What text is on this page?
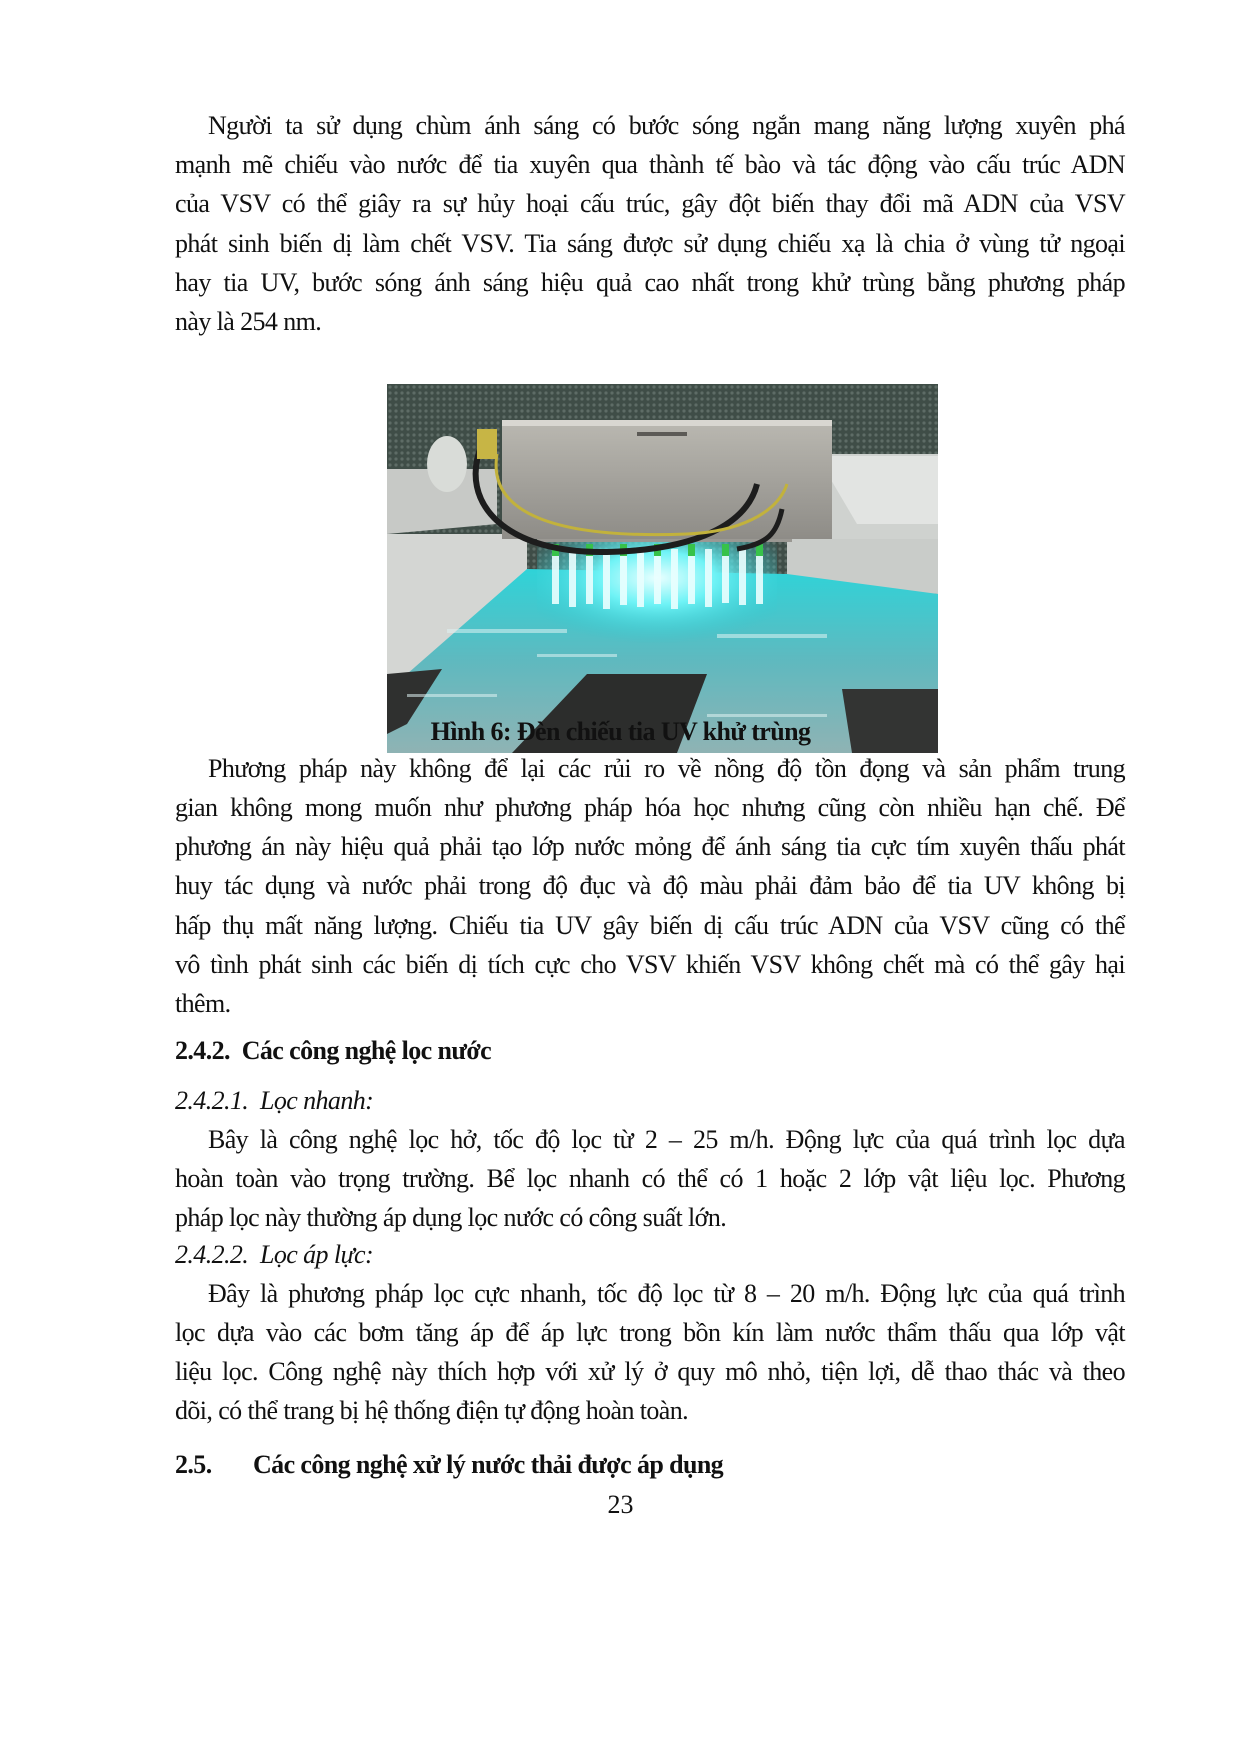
Người ta sử dụng chùm ánh sáng có bước sóng ngắn mang năng lượng xuyên phá
mạnh mẽ chiếu vào nước để tia xuyên qua thành tế bào và tác động vào cấu trúc ADN
của VSV có thể giây ra sự hủy hoại cấu trúc, gây đột biến thay đổi mã ADN của VSV
phát sinh biến dị làm chết VSV. Tia sáng được sử dụng chiếu xạ là chia ở vùng tử ngoại
hay tia UV, bước sóng ánh sáng hiệu quả cao nhất trong khử trùng bằng phương pháp
này là 254 nm.
Hình 6: Đèn chiếu tia UV khử trùng
Phương pháp này không để lại các rủi ro về nồng độ tồn đọng và sản phẩm trung
gian không mong muốn như phương pháp hóa học nhưng cũng còn nhiều hạn chế. Để
phương án này hiệu quả phải tạo lớp nước mỏng để ánh sáng tia cực tím xuyên thấu phát
huy tác dụng và nước phải trong độ đục và độ màu phải đảm bảo để tia UV không bị
hấp thụ mất năng lượng. Chiếu tia UV gây biến dị cấu trúc ADN của VSV cũng có thể
vô tình phát sinh các biến dị tích cực cho VSV khiến VSV không chết mà có thể gây hại
thêm.
2.4.2. Các công nghệ lọc nước
2.4.2.1. Lọc nhanh:
Bây là công nghệ lọc hở, tốc độ lọc từ 2 – 25 m/h. Động lực của quá trình lọc dựa
hoàn toàn vào trọng trường. Bể lọc nhanh có thể có 1 hoặc 2 lớp vật liệu lọc. Phương
pháp lọc này thường áp dụng lọc nước có công suất lớn.
2.4.2.2. Lọc áp lực:
Đây là phương pháp lọc cực nhanh, tốc độ lọc từ 8 – 20 m/h. Động lực của quá trình
lọc dựa vào các bơm tăng áp để áp lực trong bồn kín làm nước thẩm thấu qua lớp vật
liệu lọc. Công nghệ này thích hợp với xử lý ở quy mô nhỏ, tiện lợi, dễ thao thác và theo
dõi, có thể trang bị hệ thống điện tự động hoàn toàn.
2.5. Các công nghệ xử lý nước thải được áp dụng
23
